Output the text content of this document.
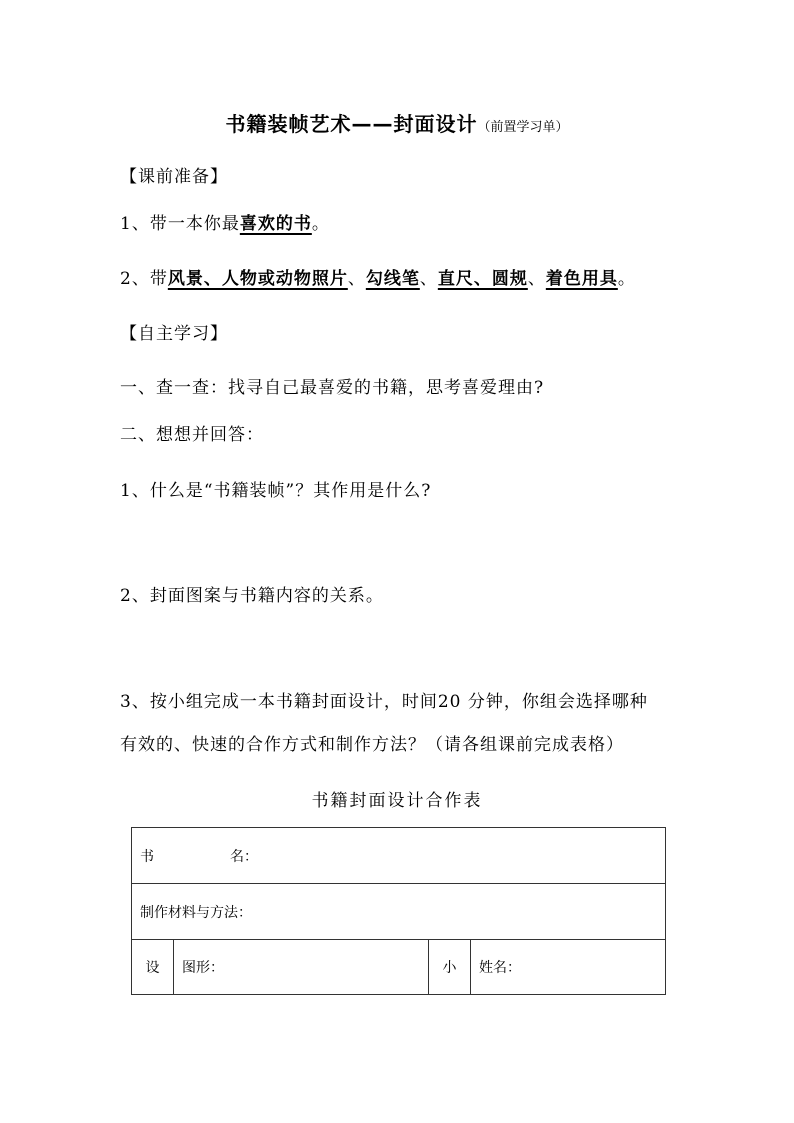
书籍装帧艺术——封面设计（前置学习单）
【课前准备】
1、带一本你最喜欢的书。
2、带风景、人物或动物照片、勾线笔、直尺、圆规、着色用具。
【自主学习】
一、查一查：找寻自己最喜爱的书籍，思考喜爱理由?
二、想想并回答：
1、什么是“书籍装帧”？其作用是什么?
2、封面图案与书籍内容的关系。
3、按小组完成一本书籍封面设计，时间20 分钟，你组会选择哪种
有效的、快速的合作方式和制作方法？（请各组课前完成表格）
书籍封面设计合作表
书	名：
制作材料与方法：
设	图形：	小	姓名：
